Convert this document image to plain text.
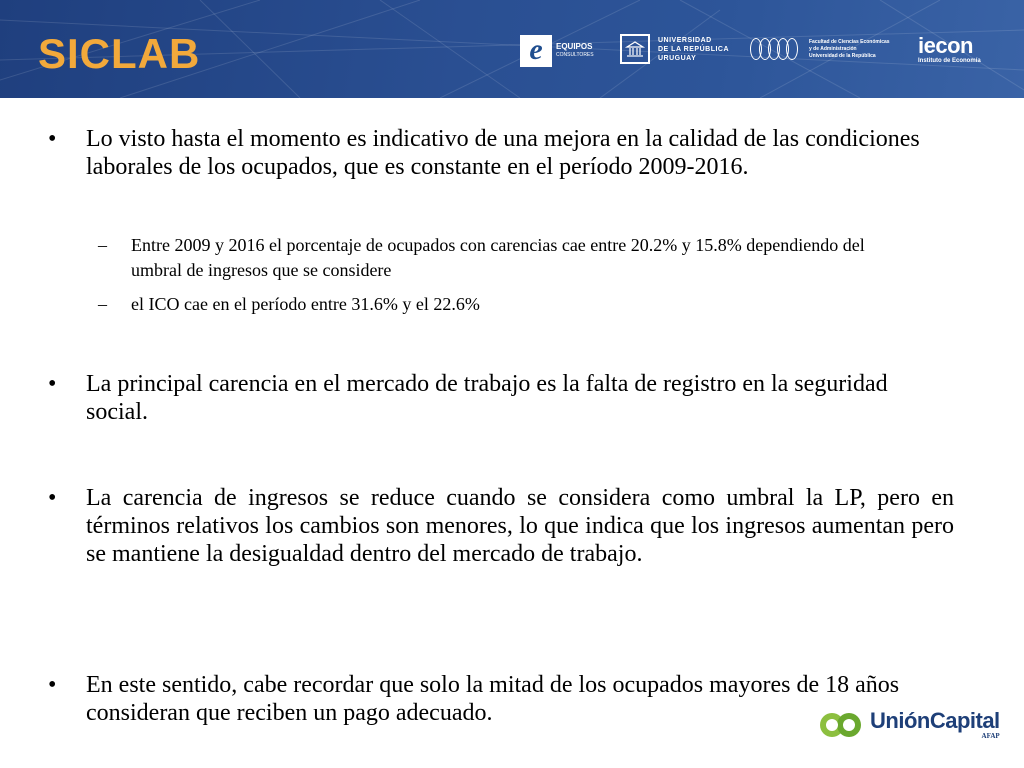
SICLAB	e	EQUIPOS
CONSULTORES
UNIVERSIDAD
DE LA REPÚBLICA
URUGUAY
Facultad de Ciencias Económicas
y de Administración
Universidad de la República	iecon
Instituto de Economía
• Lo visto hasta el momento es indicativo de una mejora en la calidad de las condiciones laborales de los ocupados, que es constante en el período 2009-2016.
– Entre 2009 y 2016 el porcentaje de ocupados con carencias cae entre 20.2% y 15.8% dependiendo del umbral de ingresos que se considere
– el ICO cae en el período entre 31.6% y el 22.6%
• La principal carencia en el mercado de trabajo es la falta de registro en la seguridad social.
• La carencia de ingresos se reduce cuando se considera como umbral la LP, pero en términos relativos los cambios son menores, lo que indica que los ingresos aumentan pero se mantiene la desigualdad dentro del mercado de trabajo.
• En este sentido, cabe recordar que solo la mitad de los ocupados mayores de 18 años consideran que reciben un pago adecuado.	UniónCapital
AFAP
